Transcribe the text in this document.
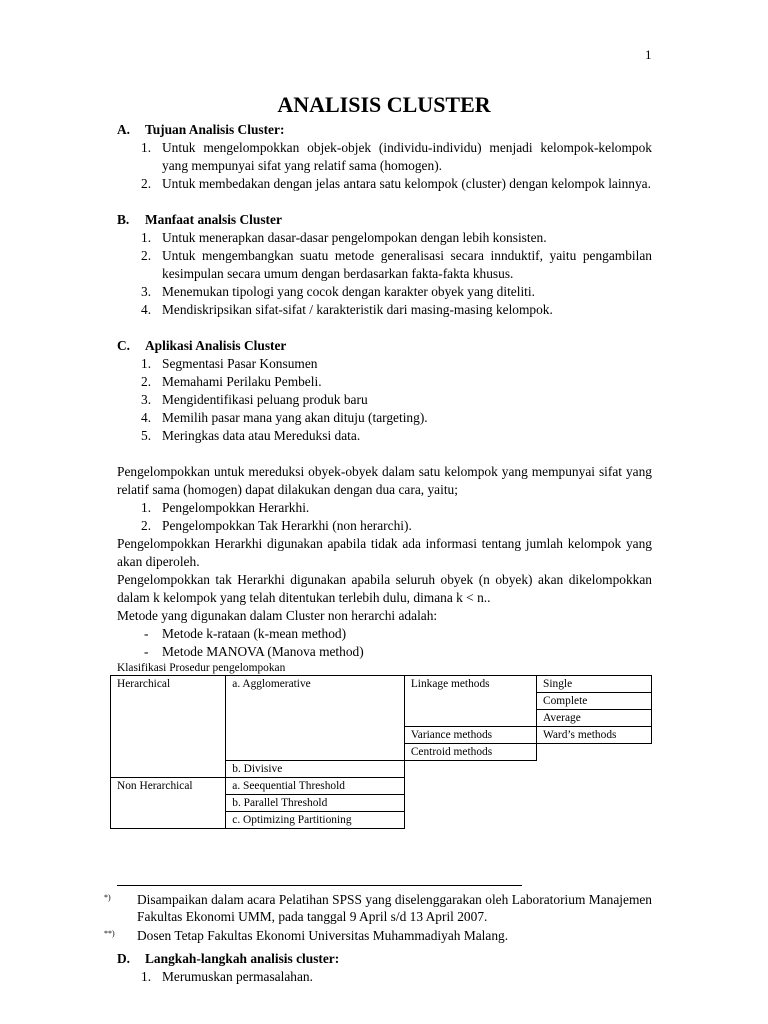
1
ANALISIS CLUSTER
A. Tujuan Analisis Cluster:
1. Untuk mengelompokkan objek-objek (individu-individu) menjadi kelompok-kelompok yang mempunyai sifat yang relatif sama (homogen).
2. Untuk membedakan dengan jelas antara satu kelompok (cluster) dengan kelompok lainnya.
B. Manfaat analsis Cluster
1. Untuk menerapkan dasar-dasar pengelompokan dengan lebih konsisten.
2. Untuk mengembangkan suatu metode generalisasi secara innduktif, yaitu pengambilan kesimpulan secara umum dengan berdasarkan fakta-fakta khusus.
3. Menemukan tipologi yang cocok dengan karakter obyek yang diteliti.
4. Mendiskripsikan sifat-sifat / karakteristik dari masing-masing kelompok.
C. Aplikasi Analisis Cluster
1. Segmentasi Pasar Konsumen
2. Memahami Perilaku Pembeli.
3. Mengidentifikasi peluang produk baru
4. Memilih pasar mana yang akan dituju (targeting).
5. Meringkas data atau Mereduksi data.
Pengelompokkan untuk mereduksi obyek-obyek dalam satu kelompok yang mempunyai sifat yang relatif sama (homogen) dapat dilakukan dengan dua cara, yaitu;
1. Pengelompokkan Herarkhi.
2. Pengelompokkan Tak Herarkhi (non herarchi).
Pengelompokkan Herarkhi digunakan apabila tidak ada informasi tentang jumlah kelompok yang akan diperoleh.
Pengelompokkan tak Herarkhi digunakan apabila seluruh obyek (n obyek) akan dikelompokkan dalam k kelompok yang telah ditentukan terlebih dulu, dimana k < n..
Metode yang digunakan dalam Cluster non herarchi adalah:
- Metode k-rataan (k-mean method)
- Metode MANOVA (Manova method)
Klasifikasi Prosedur pengelompokan
Herarchical	a. Agglomerative	Linkage methods	Single
			Complete
			Average
		Variance methods	Ward’s methods
		Centroid methods	
	b. Divisive		
Non Herarchical	a. Seequential Threshold		
	b. Parallel Threshold		
	c. Optimizing Partitioning		
*) Disampaikan dalam acara Pelatihan SPSS yang diselenggarakan oleh Laboratorium Manajemen Fakultas Ekonomi UMM, pada tanggal 9 April s/d 13 April 2007.
**) Dosen Tetap Fakultas Ekonomi Universitas Muhammadiyah Malang.
D. Langkah-langkah analisis cluster:
1. Merumuskan permasalahan.
